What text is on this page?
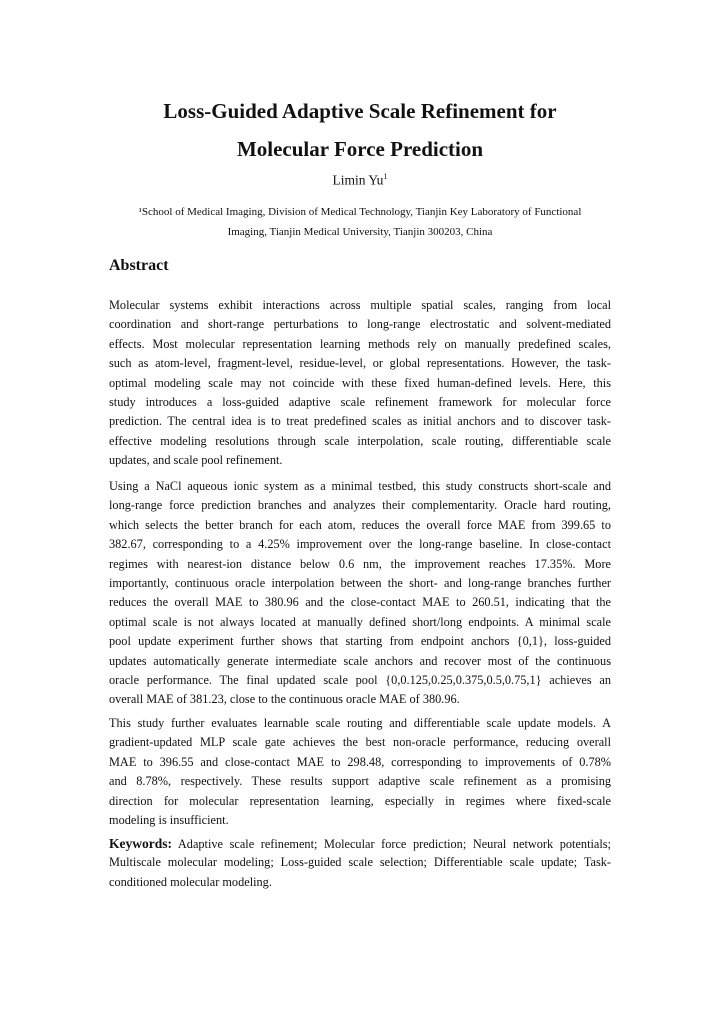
Loss-Guided Adaptive Scale Refinement for
Molecular Force Prediction
Limin Yu$^1$
¹School of Medical Imaging, Division of Medical Technology, Tianjin Key Laboratory of Functional
Imaging, Tianjin Medical University, Tianjin 300203, China
Abstract
Molecular systems exhibit interactions across multiple spatial scales, ranging from local
coordination and short-range perturbations to long-range electrostatic and solvent-mediated
effects. Most molecular representation learning methods rely on manually predefined scales,
such as atom-level, fragment-level, residue-level, or global representations. However, the task-
optimal modeling scale may not coincide with these fixed human-defined levels. Here, this
study introduces a loss-guided adaptive scale refinement framework for molecular force
prediction. The central idea is to treat predefined scales as initial anchors and to discover task-
effective modeling resolutions through scale interpolation, scale routing, differentiable scale
updates, and scale pool refinement.
Using a NaCl aqueous ionic system as a minimal testbed, this study constructs short-scale and
long-range force prediction branches and analyzes their complementarity. Oracle hard routing,
which selects the better branch for each atom, reduces the overall force MAE from 399.65 to
382.67, corresponding to a 4.25% improvement over the long-range baseline. In close-contact
regimes with nearest-ion distance below 0.6 nm, the improvement reaches 17.35%. More
importantly, continuous oracle interpolation between the short- and long-range branches further
reduces the overall MAE to 380.96 and the close-contact MAE to 260.51, indicating that the
optimal scale is not always located at manually defined short/long endpoints. A minimal scale
pool update experiment further shows that starting from endpoint anchors {0,1}, loss-guided
updates automatically generate intermediate scale anchors and recover most of the continuous
oracle performance. The final updated scale pool {0,0.125,0.25,0.375,0.5,0.75,1} achieves an
overall MAE of 381.23, close to the continuous oracle MAE of 380.96.
This study further evaluates learnable scale routing and differentiable scale update models. A
gradient-updated MLP scale gate achieves the best non-oracle performance, reducing overall
MAE to 396.55 and close-contact MAE to 298.48, corresponding to improvements of 0.78%
and 8.78%, respectively. These results support adaptive scale refinement as a promising
direction for molecular representation learning, especially in regimes where fixed-scale
modeling is insufficient.
Keywords: Adaptive scale refinement; Molecular force prediction; Neural network potentials;
Multiscale molecular modeling; Loss-guided scale selection; Differentiable scale update; Task-
conditioned molecular modeling.
